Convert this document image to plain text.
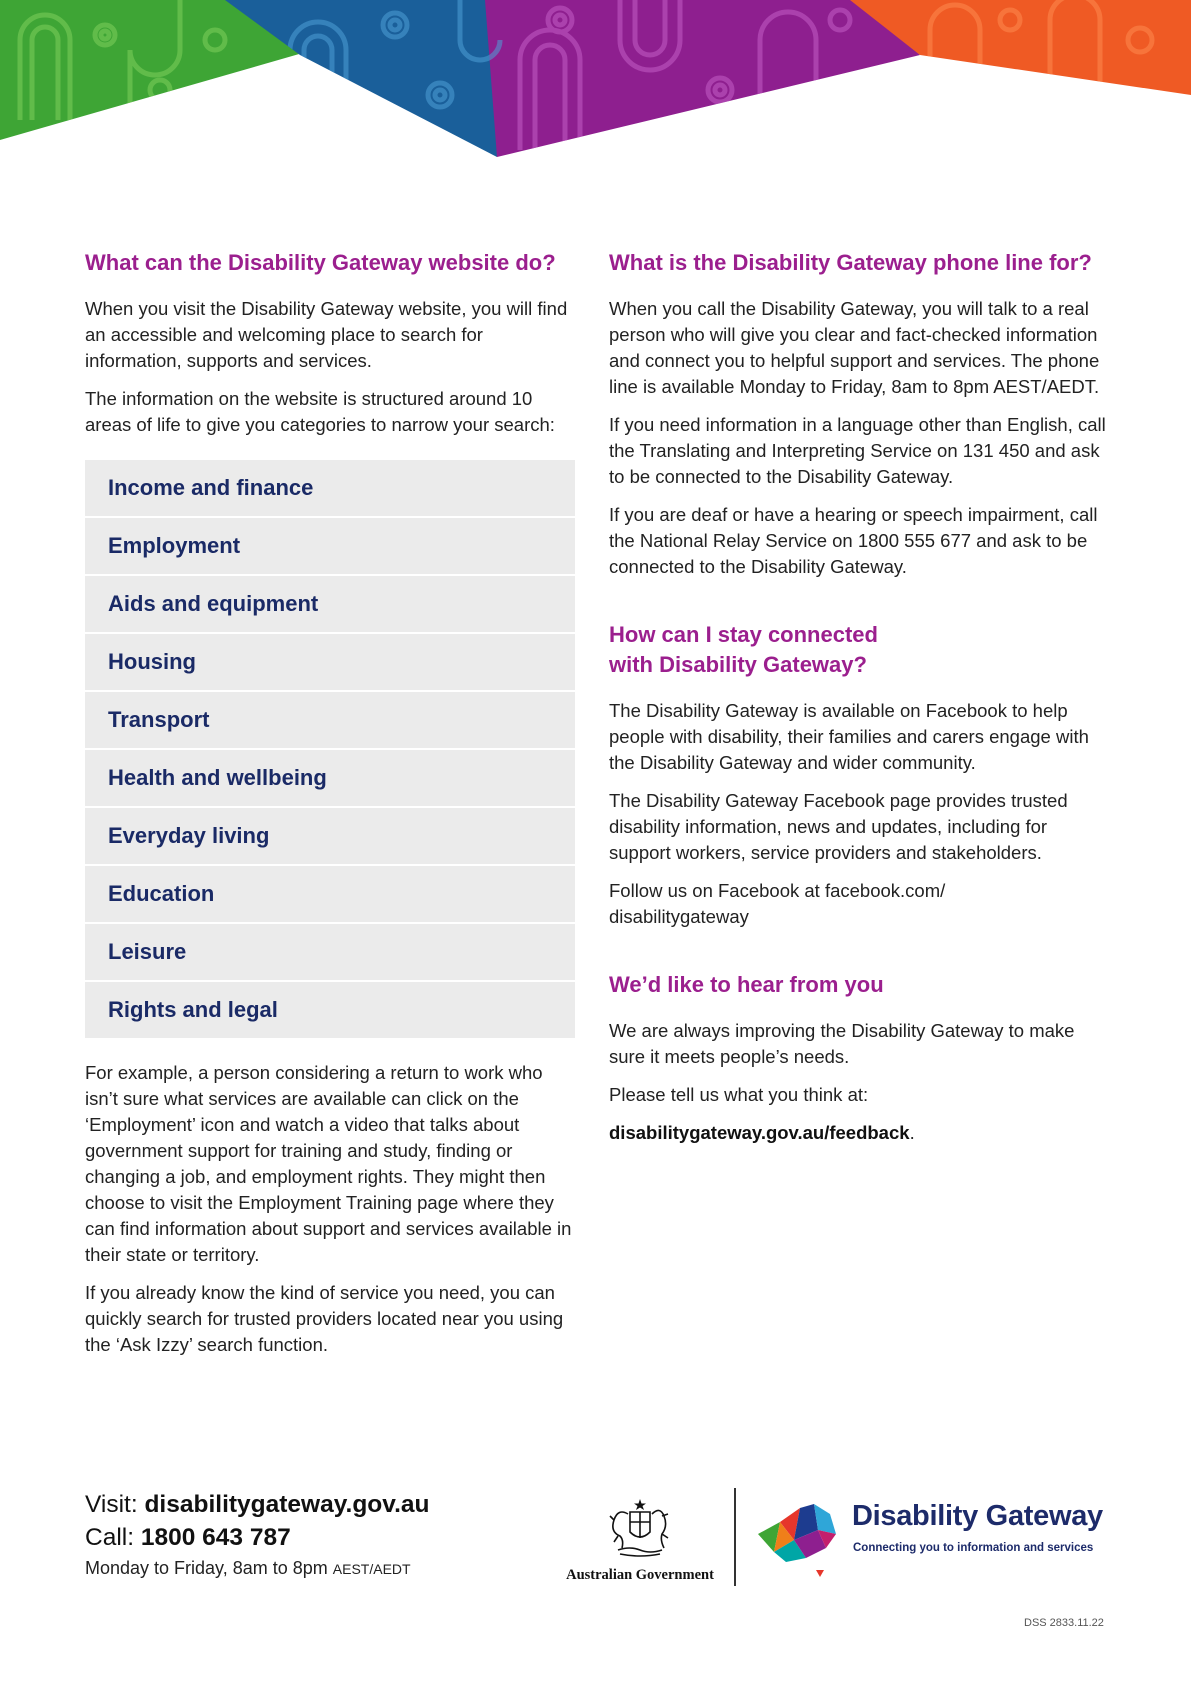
What can the Disability Gateway website do?

When you visit the Disability Gateway website, you will find an accessible and welcoming place to search for information, supports and services.

The information on the website is structured around 10 areas of life to give you categories to narrow your search:

Income and finance
Employment
Aids and equipment
Housing
Transport
Health and wellbeing
Everyday living
Education
Leisure
Rights and legal

For example, a person considering a return to work who isn’t sure what services are available can click on the ‘Employment’ icon and watch a video that talks about government support for training and study, finding or changing a job, and employment rights. They might then choose to visit the Employment Training page where they can find information about support and services available in their state or territory.

If you already know the kind of service you need, you can quickly search for trusted providers located near you using the ‘Ask Izzy’ search function.

What is the Disability Gateway phone line for?

When you call the Disability Gateway, you will talk to a real person who will give you clear and fact-checked information and connect you to helpful support and services. The phone line is available Monday to Friday, 8am to 8pm AEST/AEDT.

If you need information in a language other than English, call the Translating and Interpreting Service on 131 450 and ask to be connected to the Disability Gateway.

If you are deaf or have a hearing or speech impairment, call the National Relay Service on 1800 555 677 and ask to be connected to the Disability Gateway.

How can I stay connected
with Disability Gateway?

The Disability Gateway is available on Facebook to help people with disability, their families and carers engage with the Disability Gateway and wider community.

The Disability Gateway Facebook page provides trusted disability information, news and updates, including for support workers, service providers and stakeholders.

Follow us on Facebook at facebook.com/
disabilitygateway

We’d like to hear from you

We are always improving the Disability Gateway to make sure it meets people’s needs.

Please tell us what you think at:

disabilitygateway.gov.au/feedback.

Visit: disabilitygateway.gov.au
Call: 1800 643 787
Monday to Friday, 8am to 8pm AEST/AEDT	Australian Government
Disability Gateway
Connecting you to information and services
DSS 2833.11.22
